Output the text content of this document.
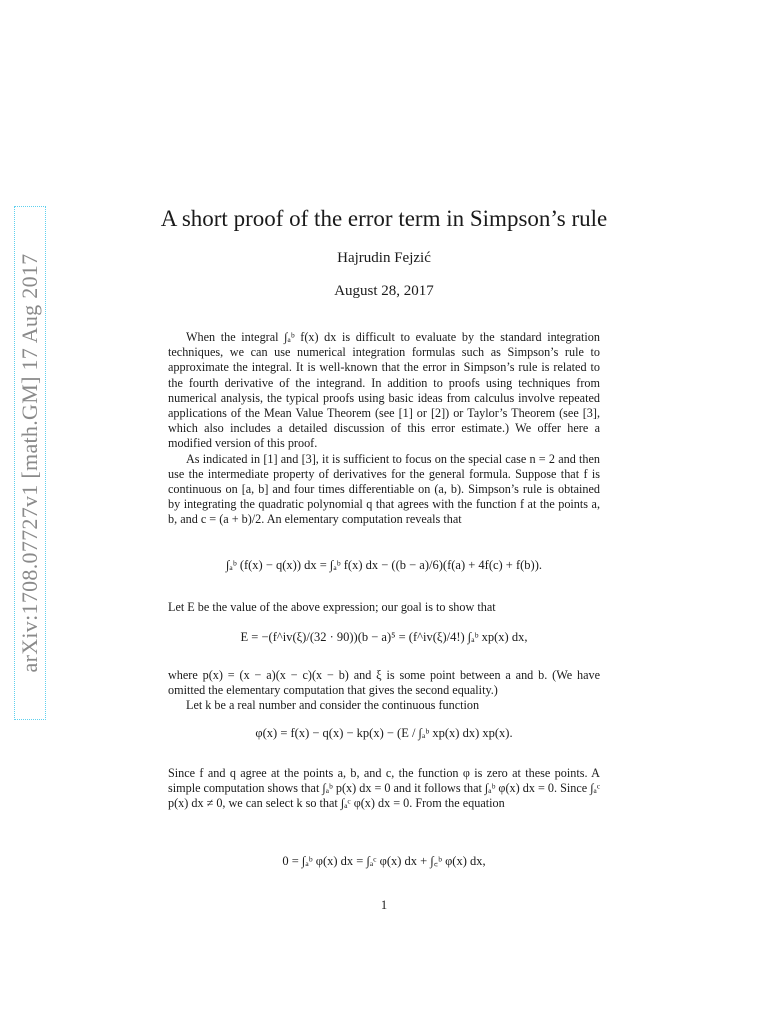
arXiv:1708.07727v1 [math.GM] 17 Aug 2017
A short proof of the error term in Simpson’s rule
Hajrudin Fejzić
August 28, 2017

When the integral ∫ₐᵇ f(x) dx is difficult to evaluate by the standard integration techniques, we can use numerical integration formulas such as Simpson’s rule to approximate the integral. It is well-known that the error in Simpson’s rule is related to the fourth derivative of the integrand. In addition to proofs using techniques from numerical analysis, the typical proofs using basic ideas from calculus involve repeated applications of the Mean Value Theorem (see [1] or [2]) or Taylor’s Theorem (see [3], which also includes a detailed discussion of this error estimate.) We offer here a modified version of this proof.

As indicated in [1] and [3], it is sufficient to focus on the special case n = 2 and then use the intermediate property of derivatives for the general formula. Suppose that f is continuous on [a, b] and four times differentiable on (a, b). Simpson’s rule is obtained by integrating the quadratic polynomial q that agrees with the function f at the points a, b, and c = (a + b)/2. An elementary computation reveals that

∫ₐᵇ (f(x) − q(x)) dx = ∫ₐᵇ f(x) dx − ((b − a)/6)(f(a) + 4f(c) + f(b)).

Let E be the value of the above expression; our goal is to show that

E = −(f^iv(ξ)/(32 · 90))(b − a)⁵ = (f^iv(ξ)/4!) ∫ₐᵇ xp(x) dx,

where p(x) = (x − a)(x − c)(x − b) and ξ is some point between a and b. (We have omitted the elementary computation that gives the second equality.)

Let k be a real number and consider the continuous function

φ(x) = f(x) − q(x) − kp(x) − (E / ∫ₐᵇ xp(x) dx) xp(x).

Since f and q agree at the points a, b, and c, the function φ is zero at these points. A simple computation shows that ∫ₐᵇ p(x) dx = 0 and it follows that ∫ₐᵇ φ(x) dx = 0. Since ∫ₐᶜ p(x) dx ≠ 0, we can select k so that ∫ₐᶜ φ(x) dx = 0. From the equation

0 = ∫ₐᵇ φ(x) dx = ∫ₐᶜ φ(x) dx + ∫꜀ᵇ φ(x) dx,
1
